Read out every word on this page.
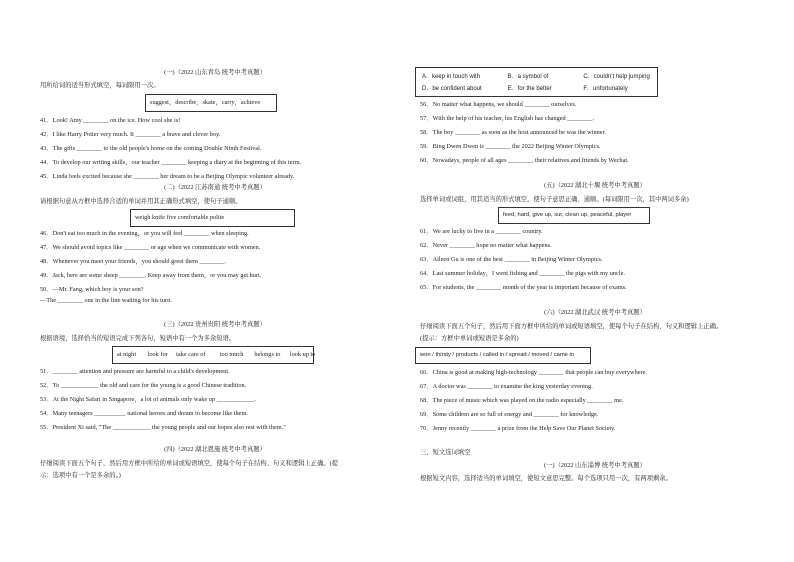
(一)（2022 山东青岛 统考中考真题）
用所给词的适当形式填空，每词限用一次。
suggest，describe，skate，carry，achieve
41．Look! Amy ________ on the ice. How cool she is!
42．I like Harry Potter very much. It ________ a brave and clever boy.
43．The gifts ________ to the old people's home on the coming Double Ninth Festival.
44．To develop our writing skills，our teacher ________ keeping a diary at the beginning of this term.
45．Linda feels excited because she ________ her dream to be a Beijing Olympic volunteer already.
(二)（2022 江苏南通 统考中考真题）
请根据句意从方框中选择合适的单词并用其正确形式填空，使句子通顺。
weigh knife five comfortable polite
46．Don't eat too much in the evening，or you will feel ________ when sleeping.
47．We should avoid topics like ________ or age when we communicate with women.
48．Whenever you meet your friends，you should greet them ________.
49．Jack, here are some sheep ________. Keep away from them，or you may get hurt.
50．—Mr. Fang, which boy is your son?
—The ________ one in the line waiting for his turn.
(三)（2022 贵州贵阳 统考中考真题）
根据语境，选择恰当的短语完成下列各句，短语中有一个为多余短语。
at night look for take care of too much belongs to look up to
51．________ attention and pressure are harmful to a child's development.
52．To ____________ the old and care for the young is a good Chinese tradition.
53．At the Night Safari in Singapore，a lot of animals only wake up ____________.
54．Many teenagers __________ national heroes and dream to become like them.
55．President Xi said, "The ____________ the young people and our hopes also rest with them."
(四)（2022 湖北恩施 统考中考真题）
仔细阅读下面五个句子，然后用方框中所给的单词或短语填空，使每个句子在结构、句义和逻辑上正确。(提
示：选项中有一个是多余的。)
A．keep in touch with	B．a symbol of	C．couldn't help jumping
D．be confident about	E．for the better	F．unfortunately
56．No matter what happens, we should ________ ourselves.
57．With the help of his teacher, his English has changed ________.
58．The boy ________ as soon as the host announced he was the winner.
59．Bing Dwen Dwen is ________ the 2022 Beijing Winter Olympics.
60．Nowadays, people of all ages ________ their relatives and friends by Wechat.
(五)（2022 湖北十堰 统考中考真题）
选择单词或词组，用其适当的形式填空，使句子意思正确、通顺。(每词限用一次，其中两词多余)
feed, hard, give up, sur, clean up, peaceful, player
61．We are lucky to live in a ________ country.
62．Never ________ hope no matter what happens.
63．Aileen Gu is one of the best ________ in Beijing Winter Olympics.
64．Last summer holiday，I went fishing and ________ the pigs with my uncle.
65．For students, the ________ month of the year is important because of exams.
(六)（2022 湖北武汉 统考中考真题）
仔细阅读下面五个句子，然后用下面方框中所给的单词或短语填空，使每个句子在结构、句义和逻辑上正确。
(提示：方框中单词或短语是多余的)
won / thirsty / products / called in / spread / moved / came in
66．China is good at making high-technology ________ that people can buy everywhere.
67．A doctor was ________ to examine the king yesterday evening.
68．The piece of music which was played on the radio especially ________ me.
69．Some children are so full of energy and ________ for knowledge.
70．Jenny recently ________ a prize from the Help Save Our Planet Society.
三、短文选词填空
(一)（2022 山东淄博 统考中考真题）
根据短文内容，选择适当的单词填空，使短文意思完整。每个选项只用一次，有两项剩余。
